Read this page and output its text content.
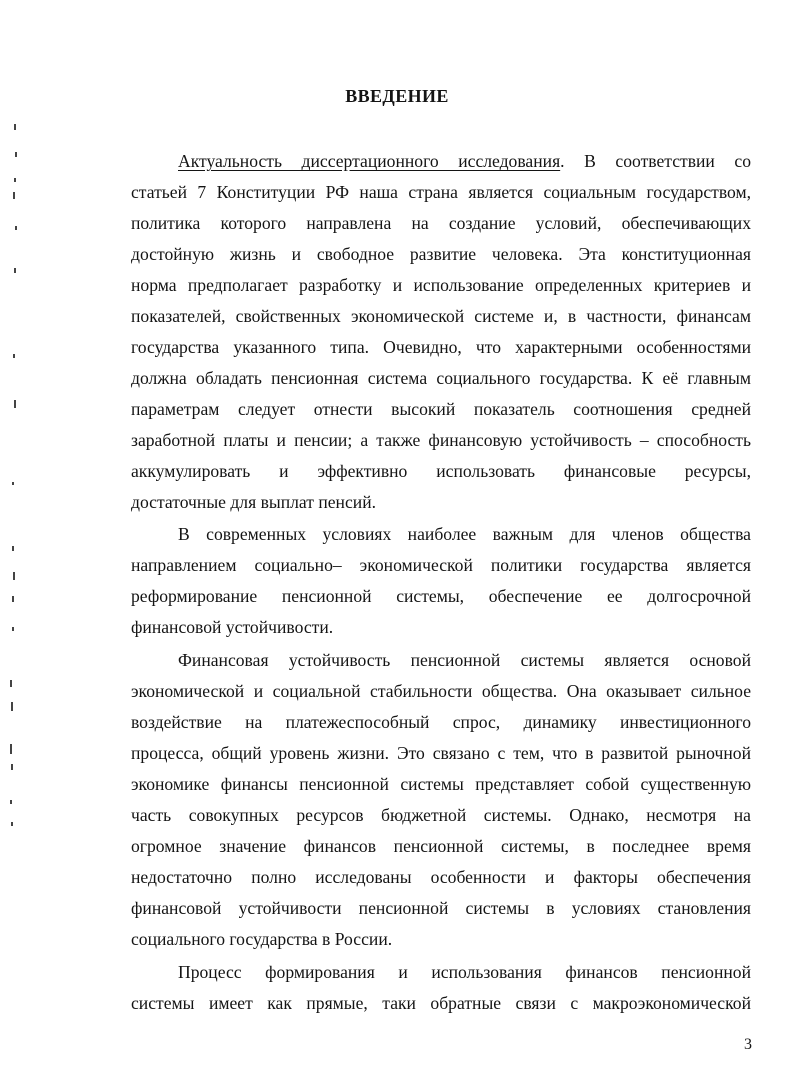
ВВЕДЕНИЕ
Актуальность диссертационного исследования. В соответствии со
статьей 7 Конституции РФ наша страна является социальным государством,
политика которого направлена на создание условий, обеспечивающих
достойную жизнь и свободное развитие человека. Эта конституционная
норма предполагает разработку и использование определенных критериев и
показателей, свойственных экономической системе и, в частности, финансам
государства указанного типа. Очевидно, что характерными особенностями
должна обладать пенсионная система социального государства. К её главным
параметрам следует отнести высокий показатель соотношения средней
заработной платы и пенсии; а также финансовую устойчивость – способность
аккумулировать и эффективно использовать финансовые ресурсы,
достаточные для выплат пенсий.
В современных условиях наиболее важным для членов общества
направлением социально– экономической политики государства является
реформирование пенсионной системы, обеспечение ее долгосрочной
финансовой устойчивости.
Финансовая устойчивость пенсионной системы является основой
экономической и социальной стабильности общества. Она оказывает сильное
воздействие на платежеспособный спрос, динамику инвестиционного
процесса, общий уровень жизни. Это связано с тем, что в развитой рыночной
экономике финансы пенсионной системы представляет собой существенную
часть совокупных ресурсов бюджетной системы. Однако, несмотря на
огромное значение финансов пенсионной системы, в последнее время
недостаточно полно исследованы особенности и факторы обеспечения
финансовой устойчивости пенсионной системы в условиях становления
социального государства в России.
Процесс формирования и использования финансов пенсионной
системы имеет как прямые, таки обратные связи с макроэкономической
3
